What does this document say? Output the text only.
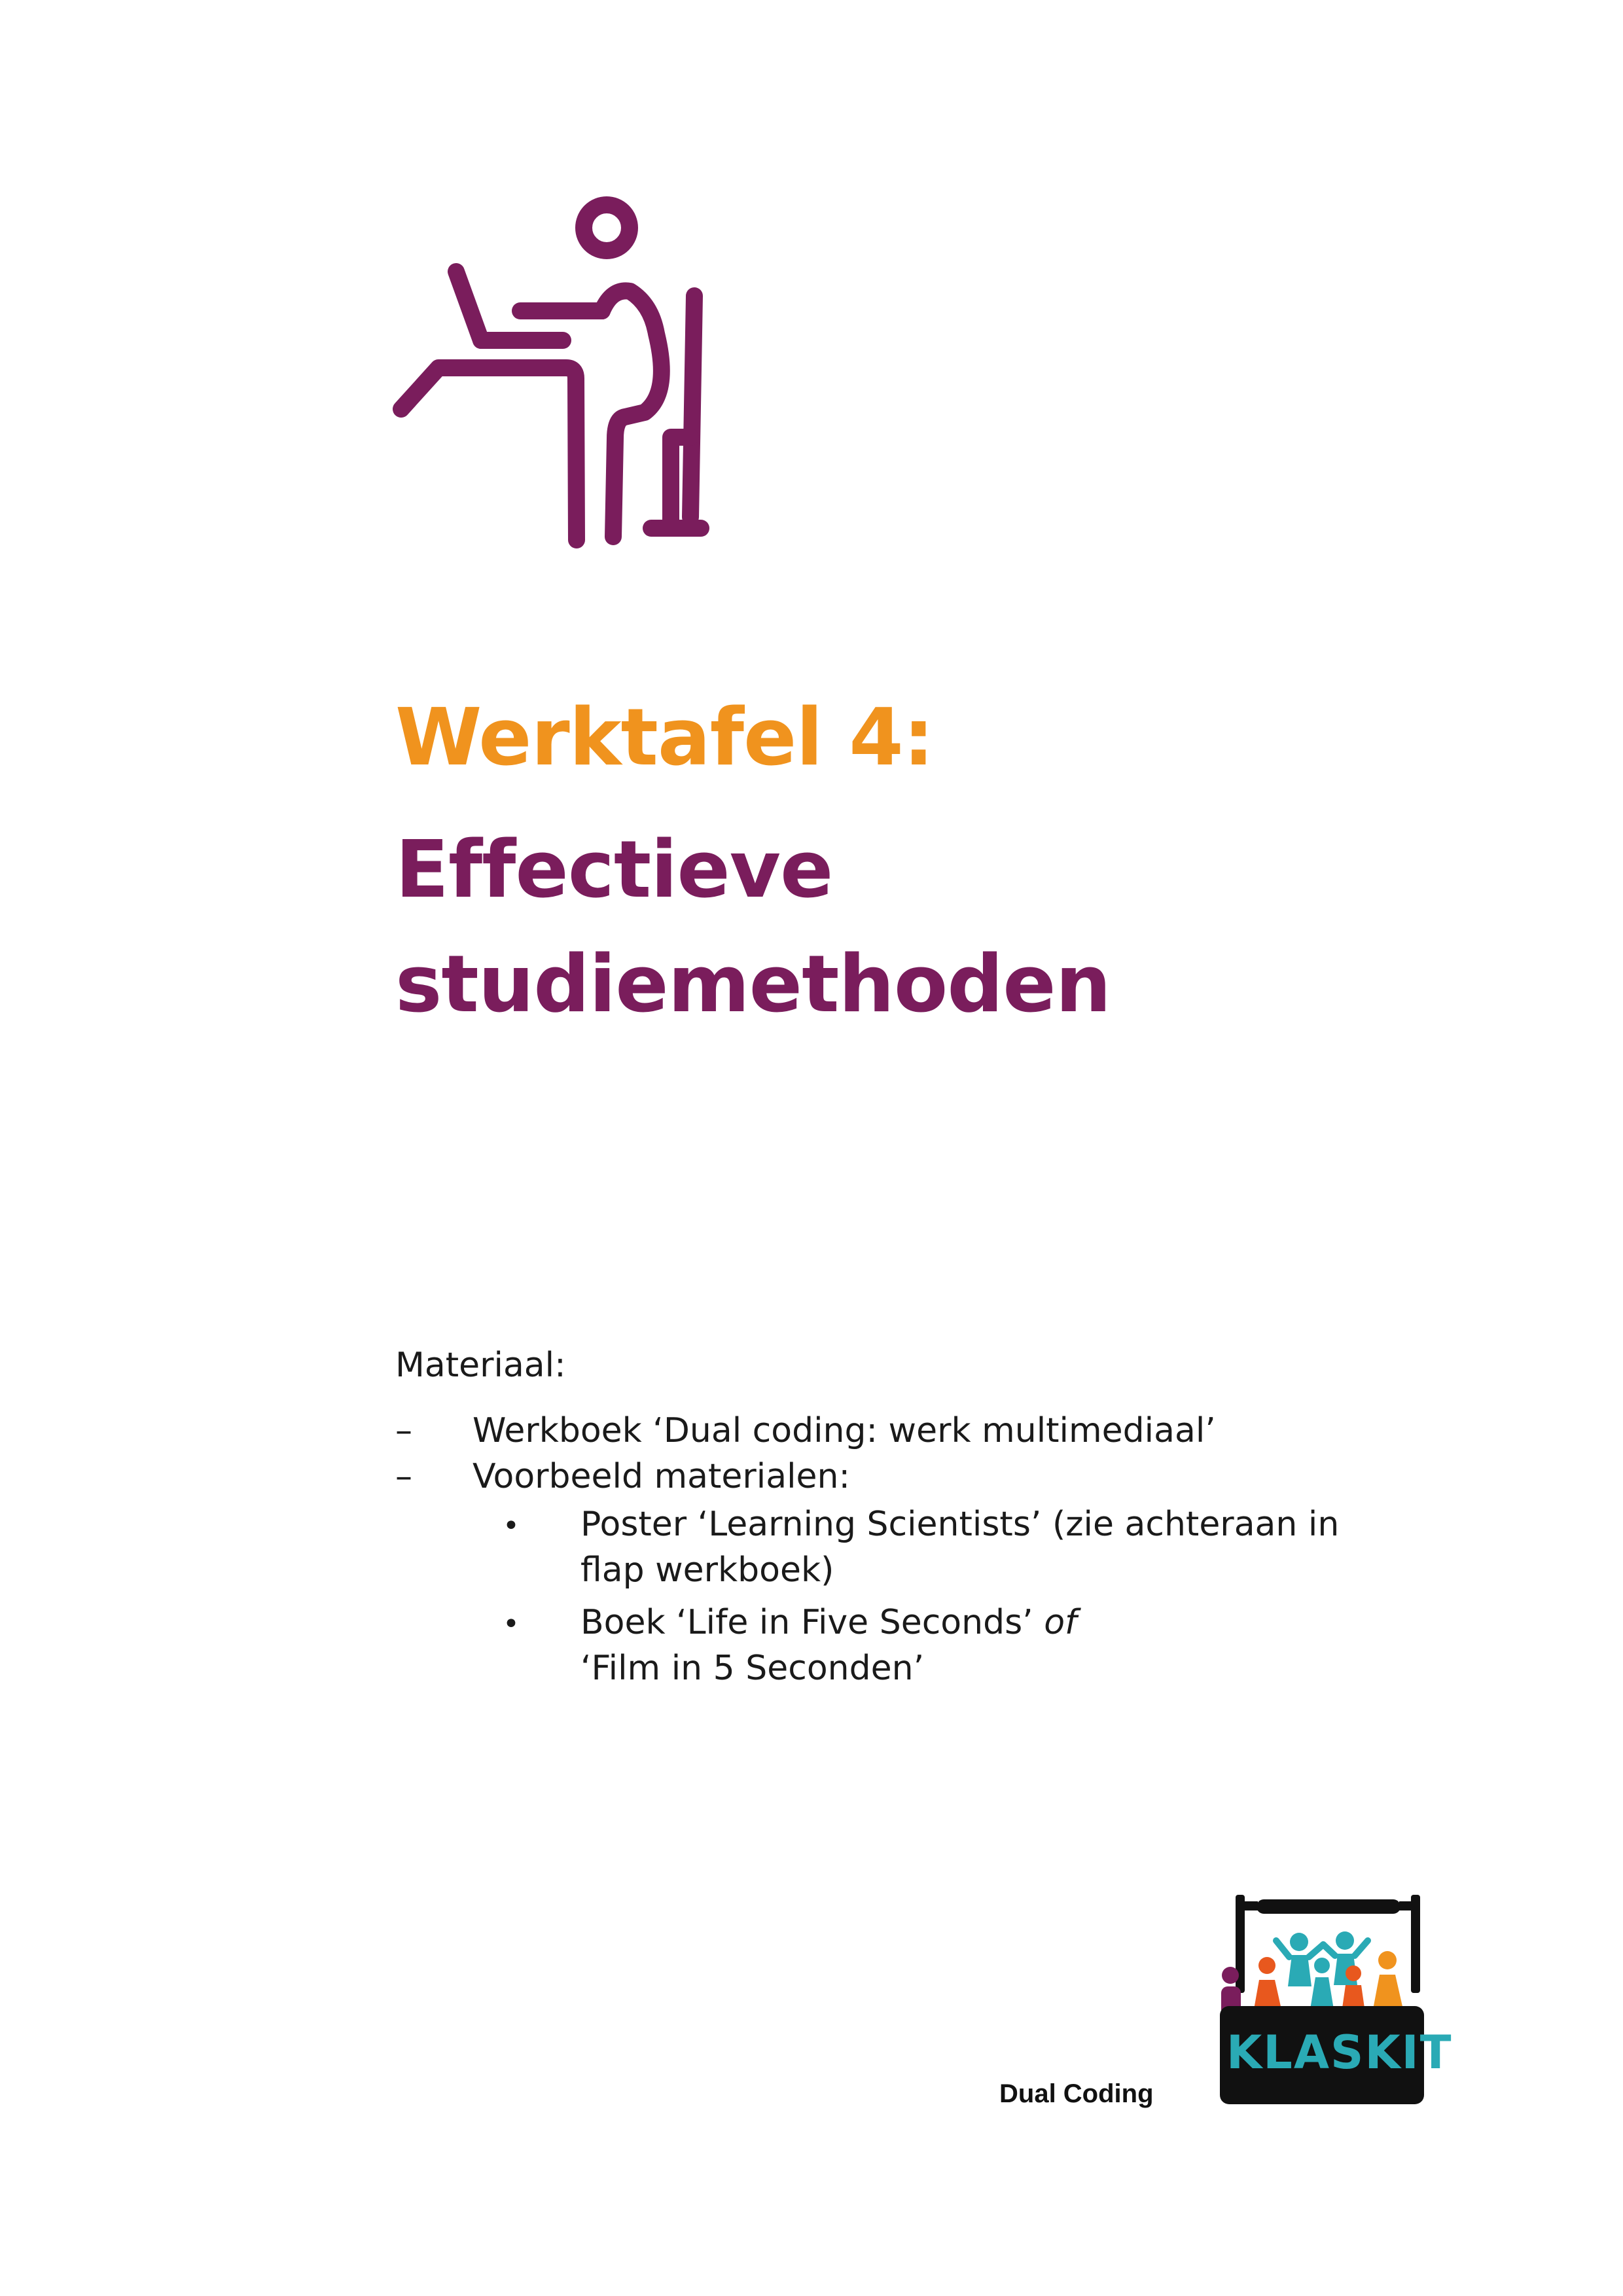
Werktafel 4:
Effectieve
studiemethoden
Materiaal:
– Werkboek ‘Dual coding: werk multimediaal’
– Voorbeeld materialen:
• Poster ‘Learning Scientists’ (zie achteraan in
flap werkboek)
• Boek ‘Life in Five Seconds’ of
‘Film in 5 Seconden’
Dual Coding
KLASKIT
